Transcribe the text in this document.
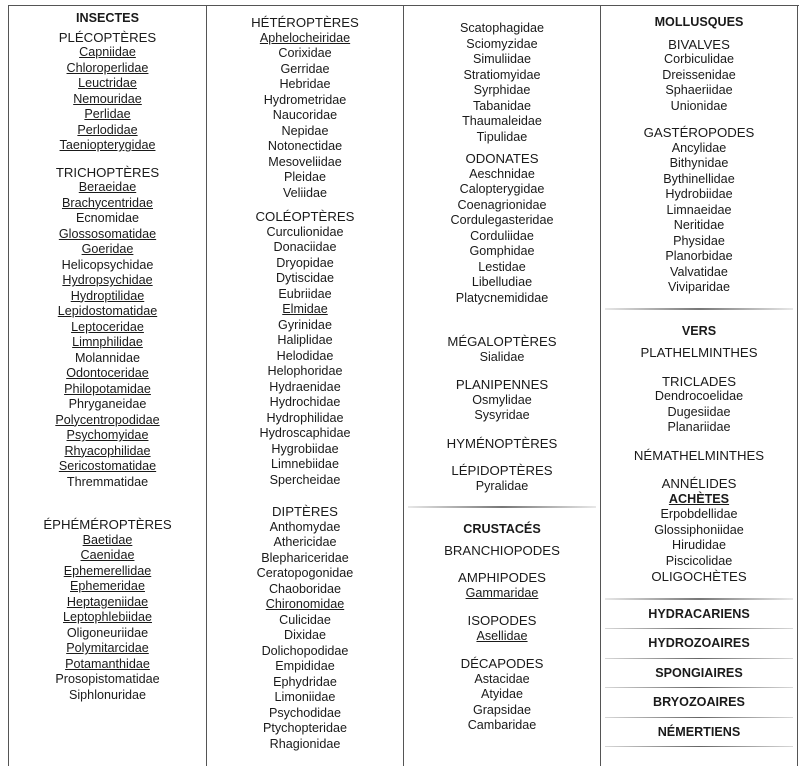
INSECTES
PLÉCOPTÈRES
Capniidae
Chloroperlidae
Leuctridae
Nemouridae
Perlidae
Perlodidae
Taeniopterygidae
TRICHOPTÈRES
Beraeidae
Brachycentridae
Ecnomidae
Glossosomatidae
Goeridae
Helicopsychidae
Hydropsychidae
Hydroptilidae
Lepidostomatidae
Leptoceridae
Limnphilidae
Molannidae
Odontoceridae
Philopotamidae
Phryganeidae
Polycentropodidae
Psychomyidae
Rhyacophilidae
Sericostomatidae
Thremmatidae
ÉPHÉMÉROPTÈRES
Baetidae
Caenidae
Ephemerellidae
Ephemeridae
Heptageniidae
Leptophlebiidae
Oligoneuriidae
Polymitarcidae
Potamanthidae
Prosopistomatidae
Siphlonuridae
HÉTÉROPTÈRES
Aphelocheiridae
Corixidae
Gerridae
Hebridae
Hydrometridae
Naucoridae
Nepidae
Notonectidae
Mesoveliidae
Pleidae
Veliidae
COLÉOPTÈRES
Curculionidae
Donaciidae
Dryopidae
Dytiscidae
Eubriidae
Elmidae
Gyrinidae
Haliplidae
Helodidae
Helophoridae
Hydraenidae
Hydrochidae
Hydrophilidae
Hydroscaphidae
Hygrobiidae
Limnebiidae
Spercheidae
DIPTÈRES
Anthomydae
Athericidae
Blephariceridae
Ceratopogonidae
Chaoboridae
Chironomidae
Culicidae
Dixidae
Dolichopodidae
Empididae
Ephydridae
Limoniidae
Psychodidae
Ptychopteridae
Rhagionidae
Scatophagidae
Sciomyzidae
Simuliidae
Stratiomyidae
Syrphidae
Tabanidae
Thaumaleidae
Tipulidae
ODONATES
Aeschnidae
Calopterygidae
Coenagrionidae
Cordulegasteridae
Corduliidae
Gomphidae
Lestidae
Libelludiae
Platycnemididae
MÉGALOPTÈRES
Sialidae
PLANIPENNES
Osmylidae
Sysyridae
HYMÉNOPTÈRES
LÉPIDOPTÈRES
Pyralidae
CRUSTACÉS
BRANCHIOPODES
AMPHIPODES
Gammaridae
ISOPODES
Asellidae
DÉCAPODES
Astacidae
Atyidae
Grapsidae
Cambaridae
MOLLUSQUES
BIVALVES
Corbiculidae
Dreissenidae
Sphaeriidae
Unionidae
GASTÉROPODES
Ancylidae
Bithynidae
Bythinellidae
Hydrobiidae
Limnaeidae
Neritidae
Physidae
Planorbidae
Valvatidae
Viviparidae
VERS
PLATHELMINTHES
TRICLADES
Dendrocoelidae
Dugesiidae
Planariidae
NÉMATHELMINTHES
ANNÉLIDES
ACHÈTES
Erpobdellidae
Glossiphoniidae
Hirudidae
Piscicolidae
OLIGOCHÈTES
HYDRACARIENS
HYDROZOAIRES
SPONGIAIRES
BRYOZOAIRES
NÉMERTIENS
